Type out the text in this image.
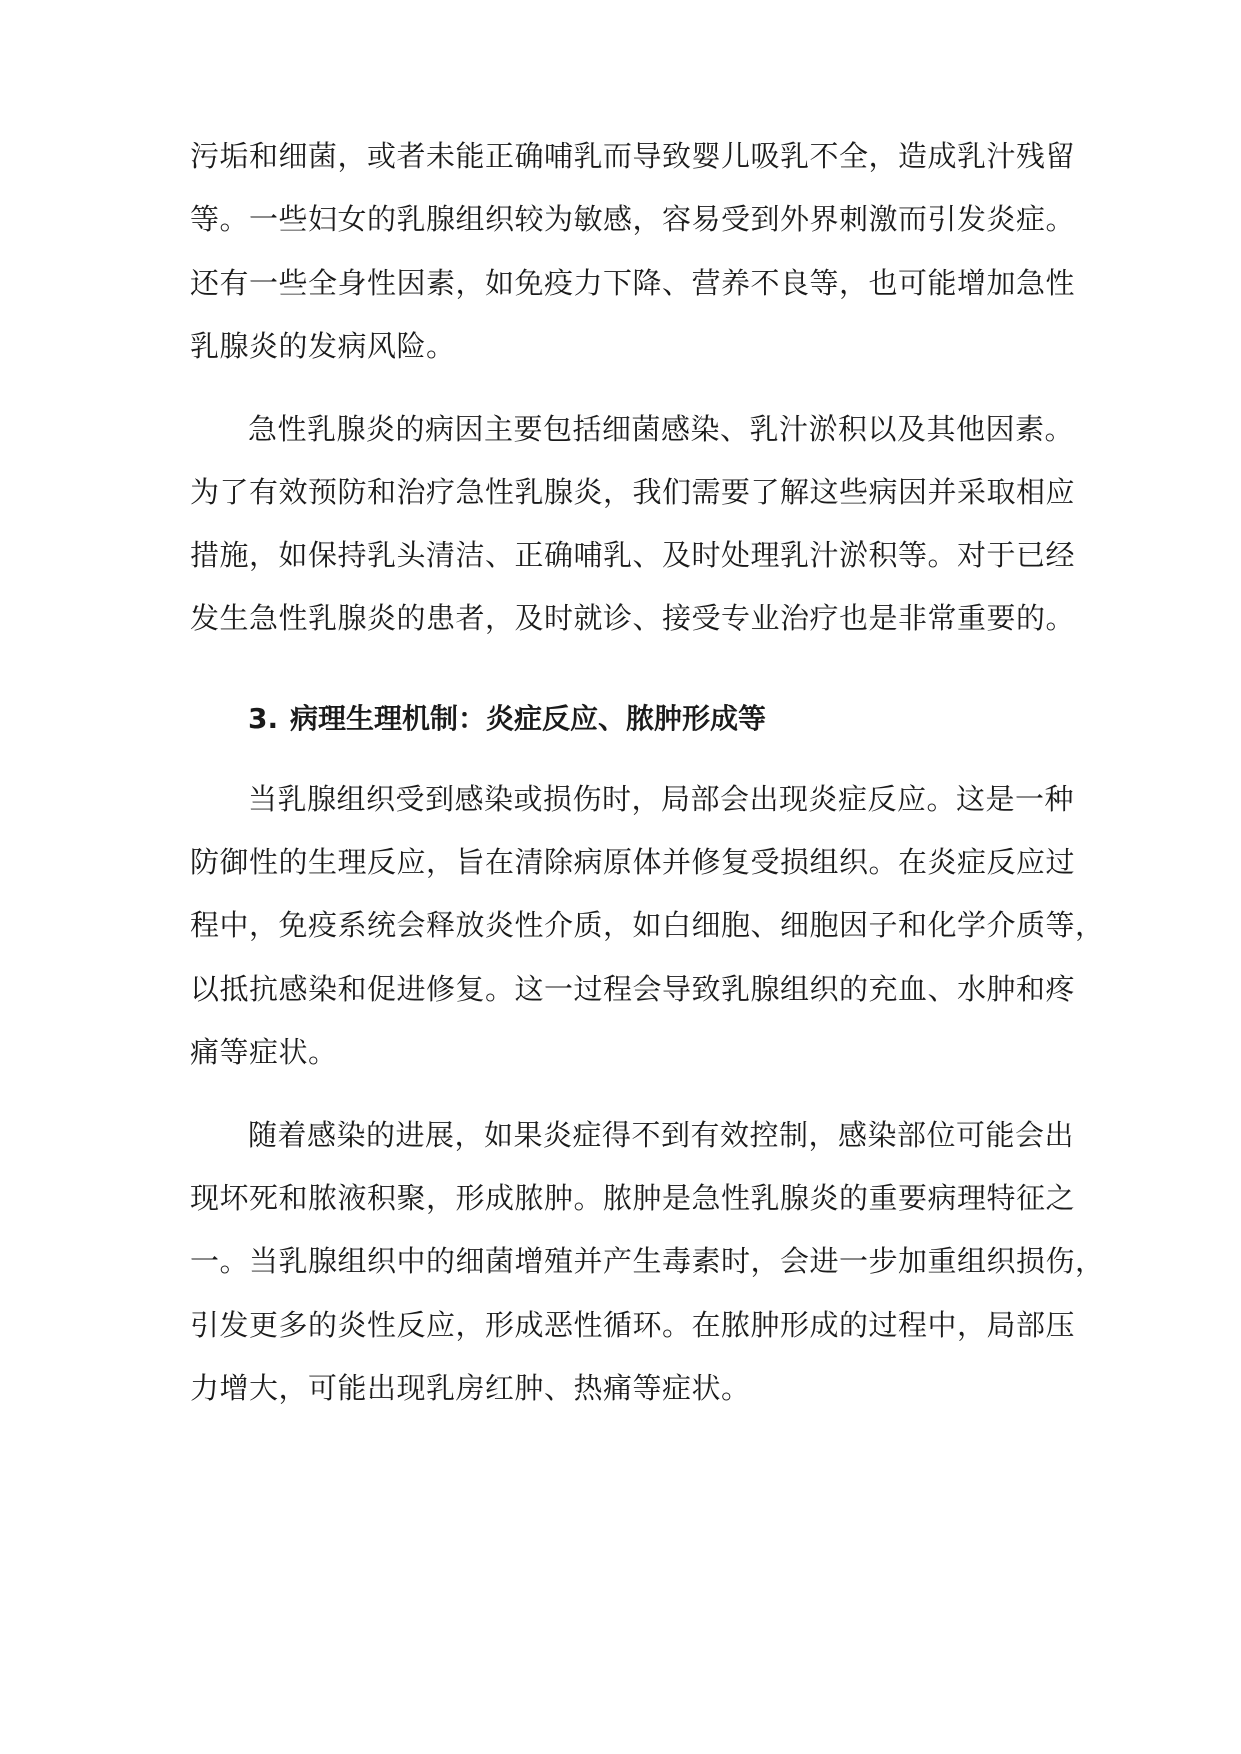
污垢和细菌，或者未能正确哺乳而导致婴儿吸乳不全，造成乳汁残留
等。一些妇女的乳腺组织较为敏感，容易受到外界刺激而引发炎症。
还有一些全身性因素，如免疫力下降、营养不良等，也可能增加急性
乳腺炎的发病风险。
急性乳腺炎的病因主要包括细菌感染、乳汁淤积以及其他因素。
为了有效预防和治疗急性乳腺炎，我们需要了解这些病因并采取相应
措施，如保持乳头清洁、正确哺乳、及时处理乳汁淤积等。对于已经
发生急性乳腺炎的患者，及时就诊、接受专业治疗也是非常重要的。
3. 病理生理机制：炎症反应、脓肿形成等
当乳腺组织受到感染或损伤时，局部会出现炎症反应。这是一种
防御性的生理反应，旨在清除病原体并修复受损组织。在炎症反应过
程中，免疫系统会释放炎性介质，如白细胞、细胞因子和化学介质等，
以抵抗感染和促进修复。这一过程会导致乳腺组织的充血、水肿和疼
痛等症状。
随着感染的进展，如果炎症得不到有效控制，感染部位可能会出
现坏死和脓液积聚，形成脓肿。脓肿是急性乳腺炎的重要病理特征之
一。当乳腺组织中的细菌增殖并产生毒素时，会进一步加重组织损伤，
引发更多的炎性反应，形成恶性循环。在脓肿形成的过程中，局部压
力增大，可能出现乳房红肿、热痛等症状。
